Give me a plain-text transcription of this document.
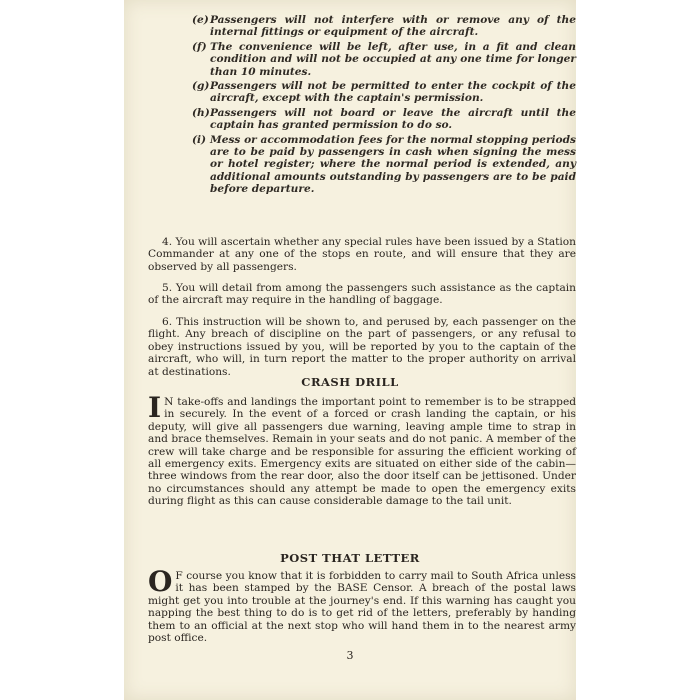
(e) Passengers will not interfere with or remove any of the internal fittings or equipment of the aircraft.
(f) The convenience will be left, after use, in a fit and clean condition and will not be occupied at any one time for longer than 10 minutes.
(g) Passengers will not be permitted to enter the cockpit of the aircraft, except with the captain's permission.
(h) Passengers will not board or leave the aircraft until the captain has granted permission to do so.
(i) Mess or accommodation fees for the normal stopping periods are to be paid by passengers in cash when signing the mess or hotel register; where the normal period is extended, any additional amounts outstanding by passengers are to be paid before departure.
4. You will ascertain whether any special rules have been issued by a Station Commander at any one of the stops en route, and will ensure that they are observed by all passengers.
5. You will detail from among the passengers such assistance as the captain of the aircraft may require in the handling of baggage.
6. This instruction will be shown to, and perused by, each passenger on the flight. Any breach of discipline on the part of passengers, or any refusal to obey instructions issued by you, will be reported by you to the captain of the aircraft, who will, in turn report the matter to the proper authority on arrival at destinations.
CRASH DRILL
I N take-offs and landings the important point to remember is to be strapped in securely. In the event of a forced or crash landing the captain, or his deputy, will give all passengers due warning, leaving ample time to strap in and brace themselves. Remain in your seats and do not panic. A member of the crew will take charge and be responsible for assuring the efficient working of all emergency exits. Emergency exits are situated on either side of the cabin—three windows from the rear door, also the door itself can be jettisoned. Under no circumstances should any attempt be made to open the emergency exits during flight as this can cause considerable damage to the tail unit.
POST THAT LETTER
O F course you know that it is forbidden to carry mail to South Africa unless it has been stamped by the BASE Censor. A breach of the postal laws might get you into trouble at the journey's end. If this warning has caught you napping the best thing to do is to get rid of the letters, preferably by handing them to an official at the next stop who will hand them in to the nearest army post office.
3
